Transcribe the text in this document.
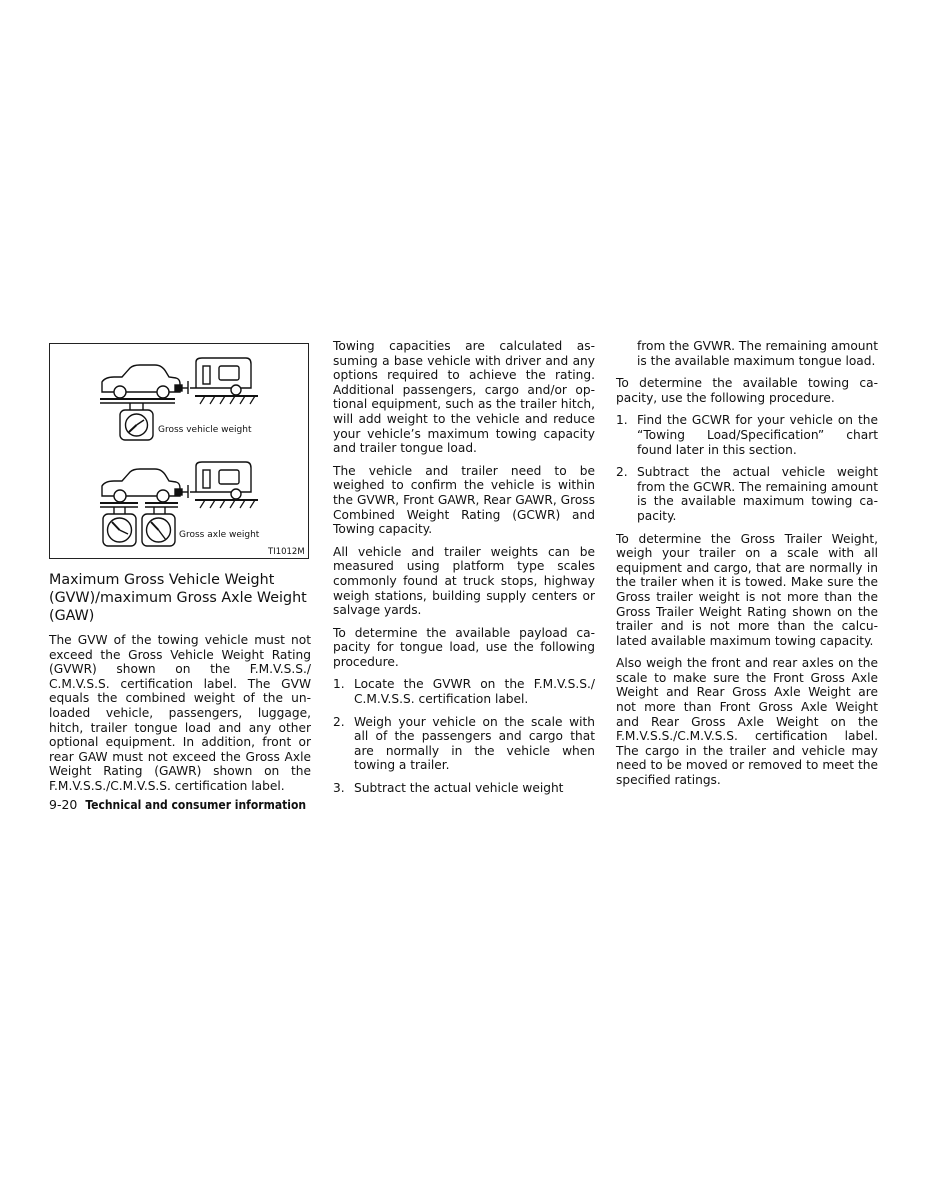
Gross vehicle weight
Gross axle weight
TI1012M
Maximum Gross Vehicle Weight (GVW)/maximum Gross Axle Weight (GAW)

The GVW of the towing vehicle must not exceed the Gross Vehicle Weight Rating (GVWR) shown on the F.M.V.S.S./ C.M.V.S.S. certification label. The GVW equals the combined weight of the un-loaded vehicle, passengers, luggage, hitch, trailer tongue load and any other optional equipment. In addition, front or rear GAW must not exceed the Gross Axle Weight Rating (GAWR) shown on the F.M.V.S.S./C.M.V.S.S. certification label.

Towing capacities are calculated as-suming a base vehicle with driver and any options required to achieve the rating. Additional passengers, cargo and/or op-tional equipment, such as the trailer hitch, will add weight to the vehicle and reduce your vehicle’s maximum towing capacity and trailer tongue load.

The vehicle and trailer need to be weighed to confirm the vehicle is within the GVWR, Front GAWR, Rear GAWR, Gross Combined Weight Rating (GCWR) and Towing capacity.

All vehicle and trailer weights can be measured using platform type scales commonly found at truck stops, highway weigh stations, building supply centers or salvage yards.

To determine the available payload ca-pacity for tongue load, use the following procedure.

1. Locate the GVWR on the F.M.V.S.S./ C.M.V.S.S. certification label.
2. Weigh your vehicle on the scale with all of the passengers and cargo that are normally in the vehicle when towing a trailer.
3. Subtract the actual vehicle weight
from the GVWR. The remaining amount is the available maximum tongue load.

To determine the available towing ca-pacity, use the following procedure.

1. Find the GCWR for your vehicle on the “Towing Load/Specification” chart found later in this section.
2. Subtract the actual vehicle weight from the GCWR. The remaining amount is the available maximum towing ca-pacity.

To determine the Gross Trailer Weight, weigh your trailer on a scale with all equipment and cargo, that are normally in the trailer when it is towed. Make sure the Gross trailer weight is not more than the Gross Trailer Weight Rating shown on the trailer and is not more than the calcu-lated available maximum towing capacity.

Also weigh the front and rear axles on the scale to make sure the Front Gross Axle Weight and Rear Gross Axle Weight are not more than Front Gross Axle Weight and Rear Gross Axle Weight on the F.M.V.S.S./C.M.V.S.S. certification label. The cargo in the trailer and vehicle may need to be moved or removed to meet the specified ratings.

9-20 Technical and consumer information
